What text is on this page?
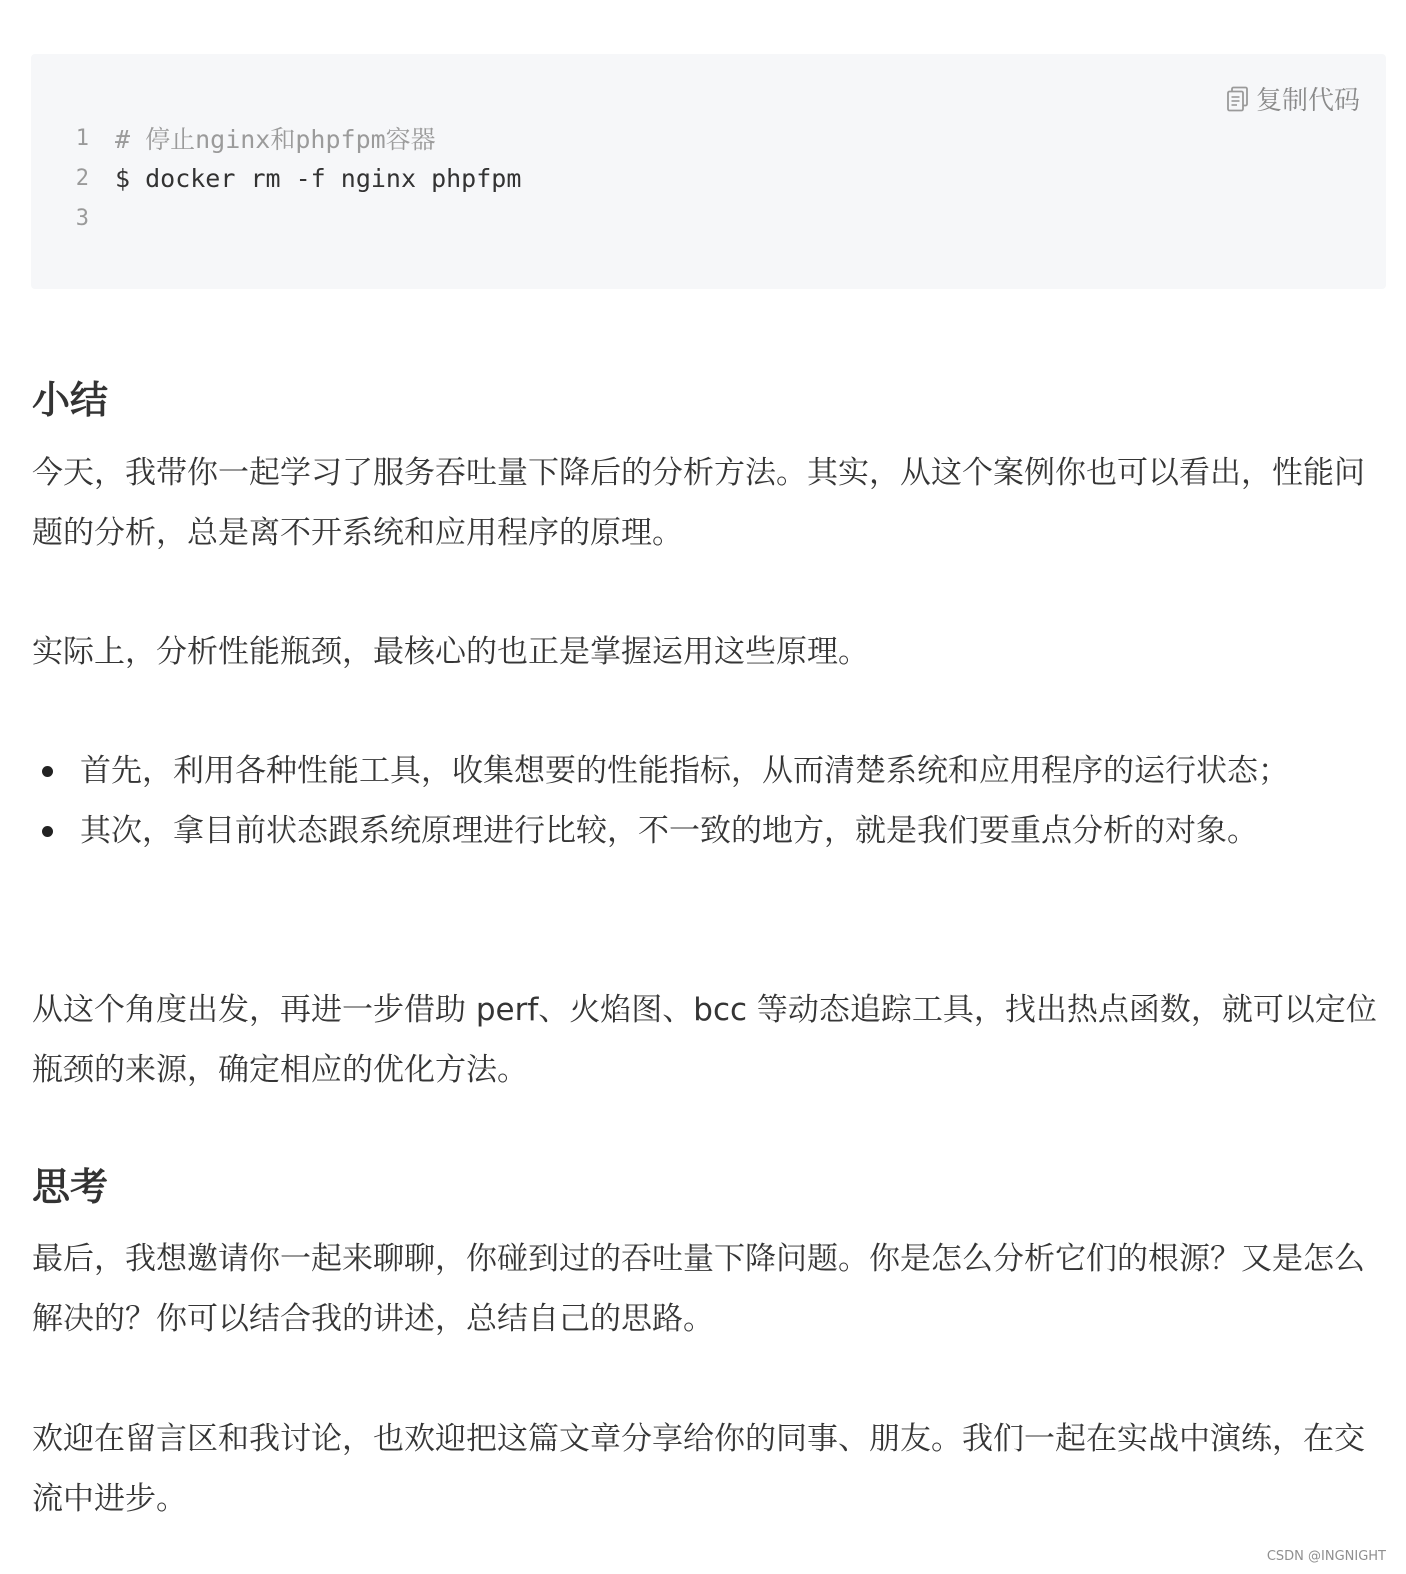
复制代码
1 # 停止nginx和phpfpm容器
2 $ docker rm -f nginx phpfpm
3
小结

今天，我带你一起学习了服务吞吐量下降后的分析方法。其实，从这个案例你也可以看出，性能问题的分析，总是离不开系统和应用程序的原理。

实际上，分析性能瓶颈，最核心的也正是掌握运用这些原理。

首先，利用各种性能工具，收集想要的性能指标，从而清楚系统和应用程序的运行状态；
其次，拿目前状态跟系统原理进行比较，不一致的地方，就是我们要重点分析的对象。

从这个角度出发，再进一步借助 perf、火焰图、bcc 等动态追踪工具，找出热点函数，就可以定位瓶颈的来源，确定相应的优化方法。

思考

最后，我想邀请你一起来聊聊，你碰到过的吞吐量下降问题。你是怎么分析它们的根源？又是怎么解决的？你可以结合我的讲述，总结自己的思路。

欢迎在留言区和我讨论，也欢迎把这篇文章分享给你的同事、朋友。我们一起在实战中演练，在交流中进步。

CSDN @INGNIGHT
